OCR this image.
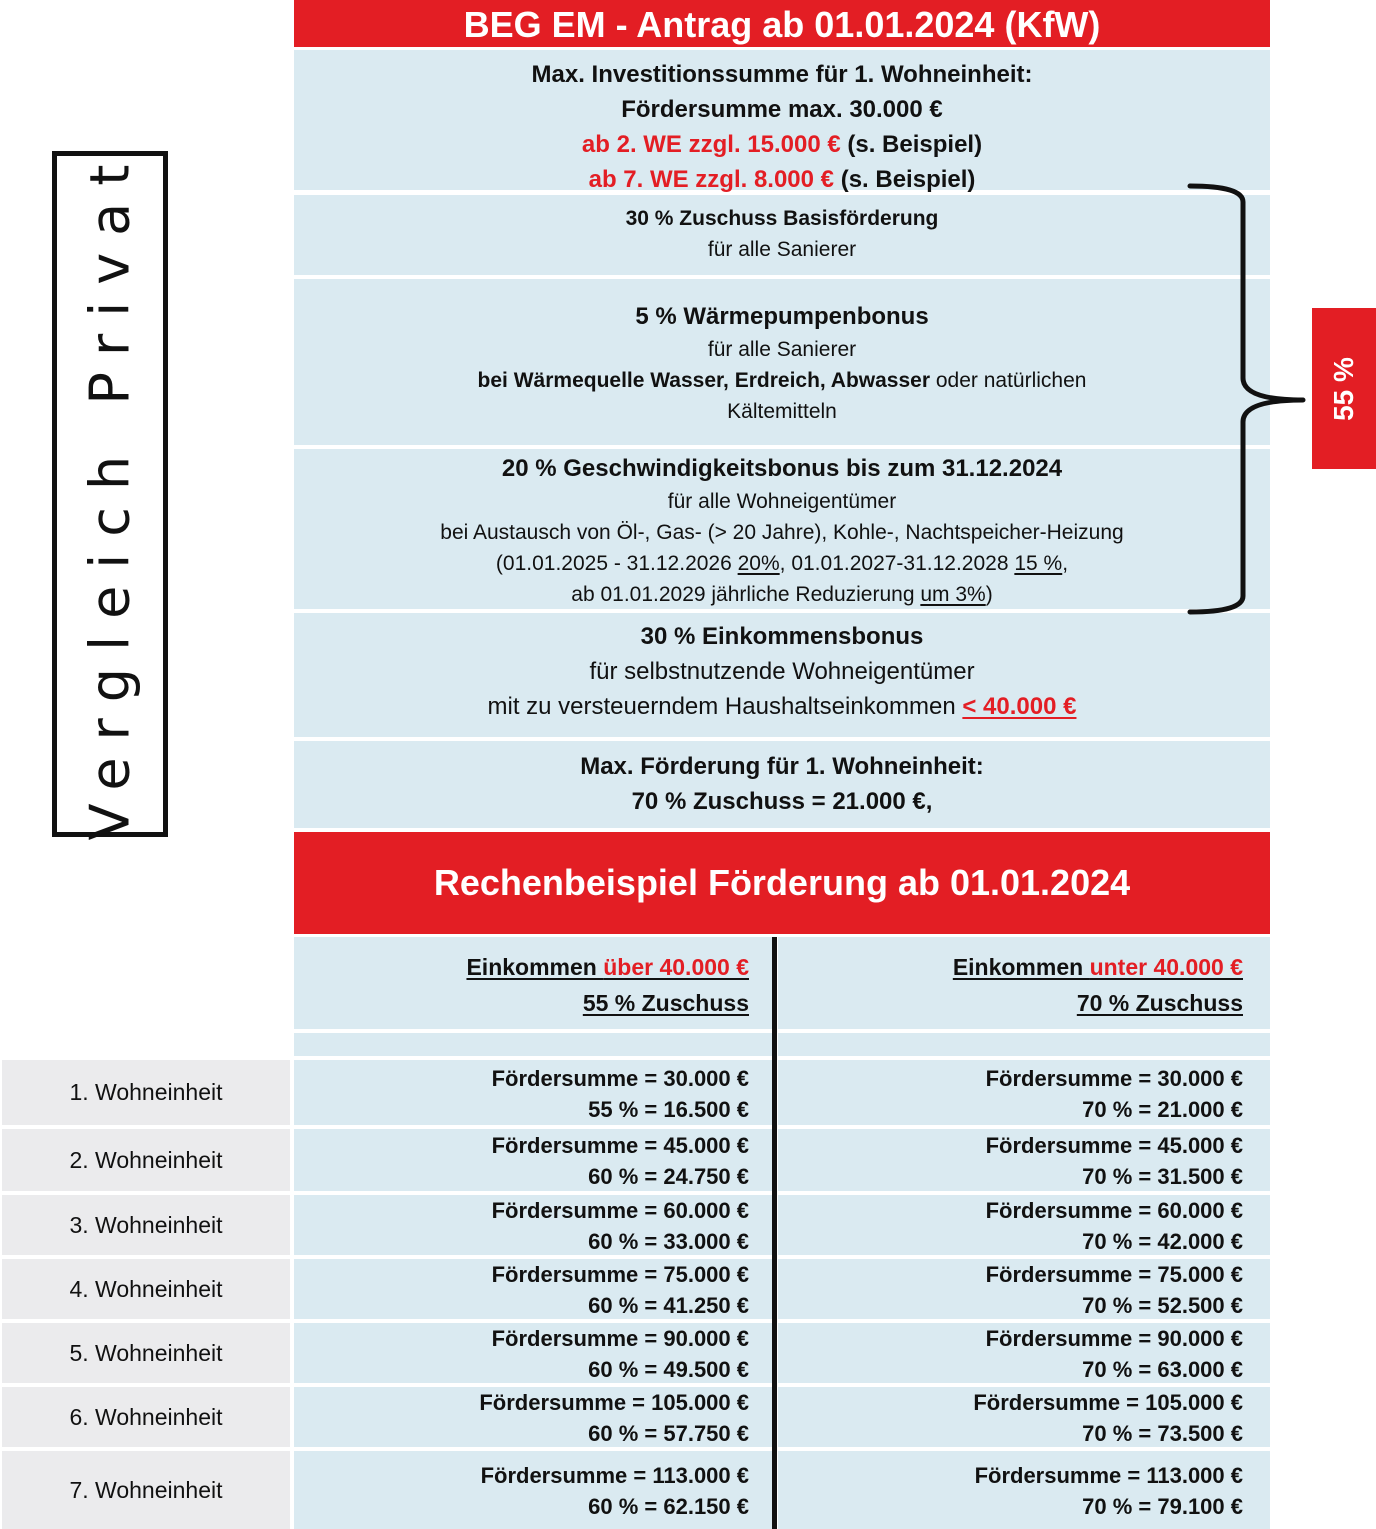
Vergleich Privat
BEG EM - Antrag ab 01.01.2024 (KfW)
Max. Investitionssumme für 1. Wohneinheit:
Fördersumme max. 30.000 €
ab 2. WE zzgl. 15.000 € (s. Beispiel)
ab 7. WE zzgl. 8.000 € (s. Beispiel)
30 % Zuschuss Basisförderung
für alle Sanierer
5 % Wärmepumpenbonus
für alle Sanierer
bei Wärmequelle Wasser, Erdreich, Abwasser oder natürlichen
Kältemitteln
20 % Geschwindigkeitsbonus bis zum 31.12.2024
für alle Wohneigentümer
bei Austausch von Öl-, Gas- (> 20 Jahre), Kohle-, Nachtspeicher-Heizung
(01.01.2025 - 31.12.2026 20%, 01.01.2027-31.12.2028 15 %,
ab 01.01.2029 jährliche Reduzierung um 3%)
30 % Einkommensbonus
für selbstnutzende Wohneigentümer
mit zu versteuerndem Haushaltseinkommen < 40.000 €
Max. Förderung für 1. Wohneinheit:
70 % Zuschuss = 21.000 €,
55 %
Rechenbeispiel Förderung ab 01.01.2024
Einkommen über 40.000 €
55 % Zuschuss
Einkommen unter 40.000 €
70 % Zuschuss
1. Wohneinheit
Fördersumme = 30.000 €
55 % = 16.500 €
Fördersumme = 30.000 €
70 % = 21.000 €
2. Wohneinheit
Fördersumme = 45.000 €
60 % = 24.750 €
Fördersumme = 45.000 €
70 % = 31.500 €
3. Wohneinheit
Fördersumme = 60.000 €
60 % = 33.000 €
Fördersumme = 60.000 €
70 % = 42.000 €
4. Wohneinheit
Fördersumme = 75.000 €
60 % = 41.250 €
Fördersumme = 75.000 €
70 % = 52.500 €
5. Wohneinheit
Fördersumme = 90.000 €
60 % = 49.500 €
Fördersumme = 90.000 €
70 % = 63.000 €
6. Wohneinheit
Fördersumme = 105.000 €
60 % = 57.750 €
Fördersumme = 105.000 €
70 % = 73.500 €
7. Wohneinheit
Fördersumme = 113.000 €
60 % = 62.150 €
Fördersumme = 113.000 €
70 % = 79.100 €
